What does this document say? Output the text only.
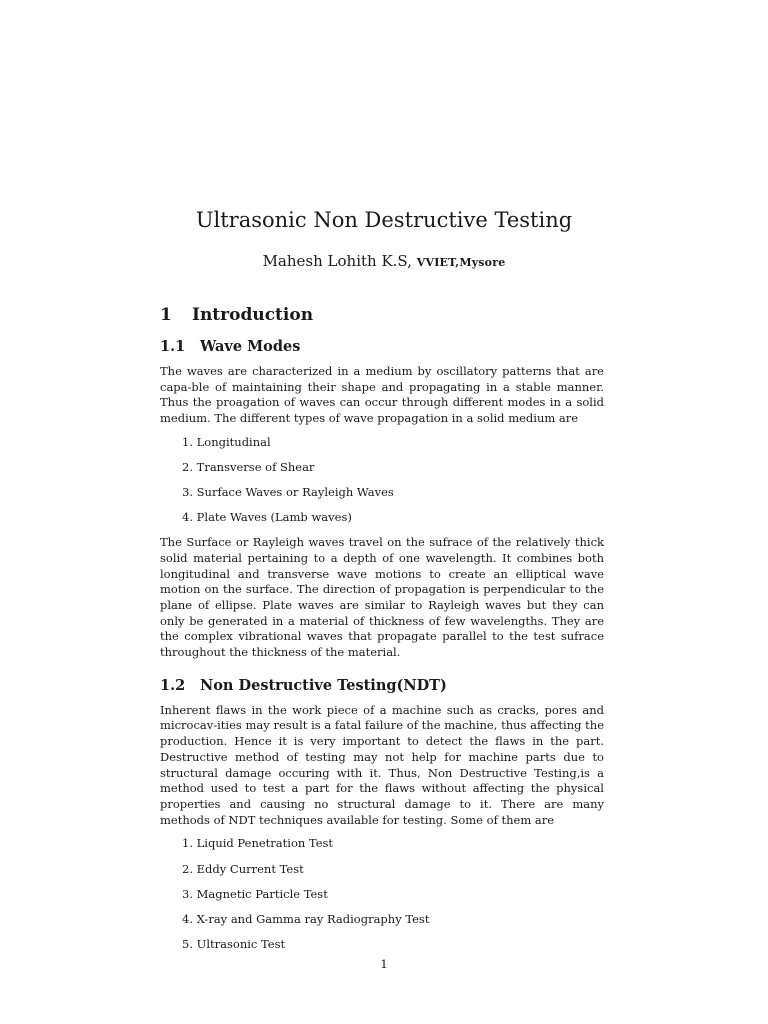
Ultrasonic Non Destructive Testing
Mahesh Lohith K.S, VVIET,Mysore
1	Introduction
1.1	Wave Modes

The waves are characterized in a medium by oscillatory patterns that are capa-ble of maintaining their shape and propagating in a stable manner. Thus the proagation of waves can occur through different modes in a solid medium. The different types of wave propagation in a solid medium are

1.
Longitudinal
2.
Transverse of Shear
3.
Surface Waves or Rayleigh Waves
4.
Plate Waves (Lamb waves)

The Surface or Rayleigh waves travel on the sufrace of the relatively thick solid material pertaining to a depth of one wavelength. It combines both longitudinal and transverse wave motions to create an elliptical wave motion on the surface. The direction of propagation is perpendicular to the plane of ellipse. Plate waves are similar to Rayleigh waves but they can only be generated in a material of thickness of few wavelengths. They are the complex vibrational waves that propagate parallel to the test sufrace throughout the thickness of the material.

1.2	Non Destructive Testing(NDT)

Inherent flaws in the work piece of a machine such as cracks, pores and microcav-ities may result is a fatal failure of the machine, thus affecting the production. Hence it is very important to detect the flaws in the part. Destructive method of testing may not help for machine parts due to structural damage occuring with it. Thus, Non Destructive Testing,is a method used to test a part for the flaws without affecting the physical properties and causing no structural damage to it. There are many methods of NDT techniques available for testing. Some of them are

1.
Liquid Penetration Test
2.
Eddy Current Test
3.
Magnetic Particle Test
4.
X-ray and Gamma ray Radiography Test
5.
Ultrasonic Test
1
